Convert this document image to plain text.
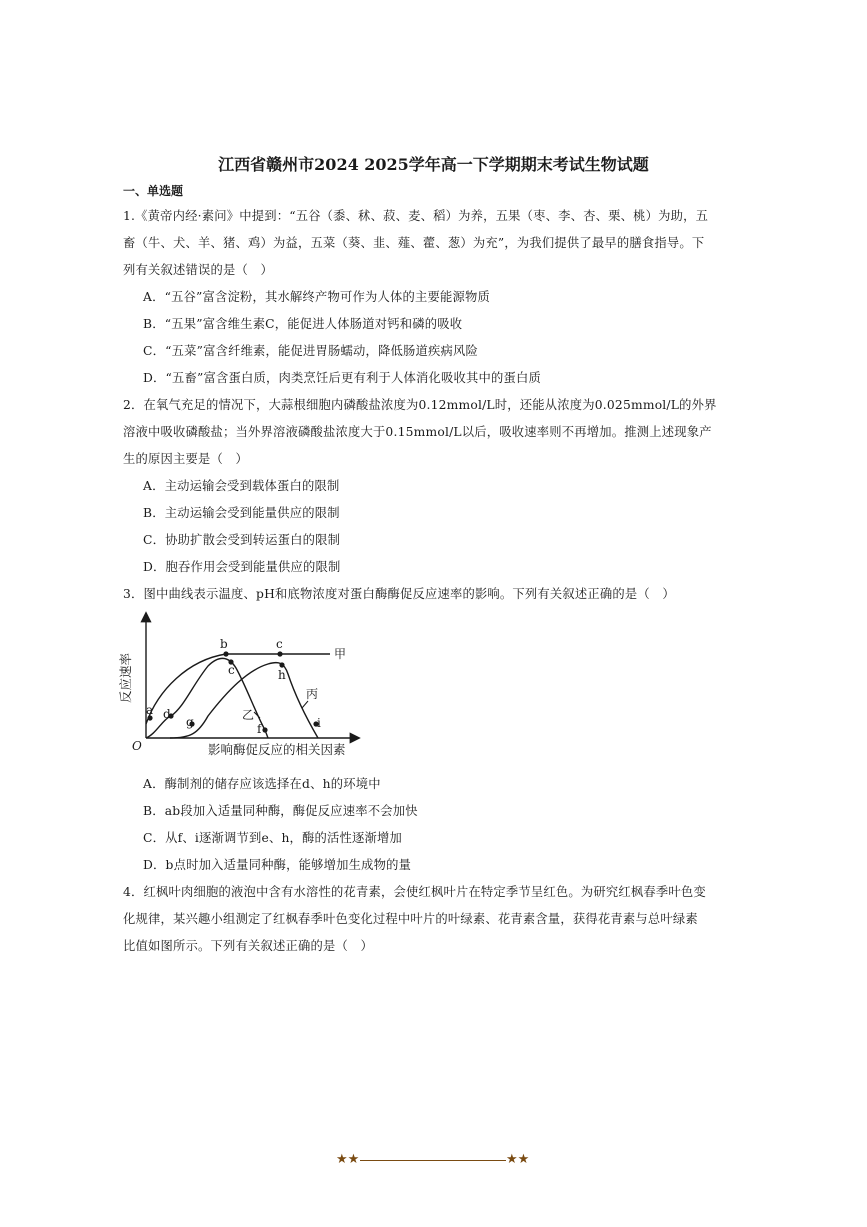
江西省赣州市2024 2025学年高一下学期期末考试生物试题
一、单选题
1.《黄帝内经·素问》中提到：“五谷（黍、秫、菽、麦、稻）为养，五果（枣、李、杏、栗、桃）为助，五
畜（牛、犬、羊、猪、鸡）为益，五菜（葵、韭、薤、藿、葱）为充”，为我们提供了最早的膳食指导。下
列有关叙述错误的是（　）
A．“五谷”富含淀粉，其水解终产物可作为人体的主要能源物质
B．“五果”富含维生素C，能促进人体肠道对钙和磷的吸收
C．“五菜”富含纤维素，能促进胃肠蠕动，降低肠道疾病风险
D．“五畜”富含蛋白质，肉类烹饪后更有利于人体消化吸收其中的蛋白质
2．在氧气充足的情况下，大蒜根细胞内磷酸盐浓度为0.12mmol/L时，还能从浓度为0.025mmol/L的外界
溶液中吸收磷酸盐；当外界溶液磷酸盐浓度大于0.15mmol/L以后，吸收速率则不再增加。推测上述现象产
生的原因主要是（　）
A．主动运输会受到载体蛋白的限制
B．主动运输会受到能量供应的限制
C．协助扩散会受到转运蛋白的限制
D．胞吞作用会受到能量供应的限制
3．图中曲线表示温度、pH和底物浓度对蛋白酶酶促反应速率的影响。下列有关叙述正确的是（　）
b	c
c
a d
g
h
f	i
甲
乙
丙
O	影响酶促反应的相关因素
反应速率
A．酶制剂的储存应该选择在d、h的环境中
B．ab段加入适量同种酶，酶促反应速率不会加快
C．从f、i逐渐调节到e、h，酶的活性逐渐增加
D．b点时加入适量同种酶，能够增加生成物的量
4．红枫叶肉细胞的液泡中含有水溶性的花青素，会使红枫叶片在特定季节呈红色。为研究红枫春季叶色变
化规律，某兴趣小组测定了红枫春季叶色变化过程中叶片的叶绿素、花青素含量，获得花青素与总叶绿素
比值如图所示。下列有关叙述正确的是（　）
★★	★★
